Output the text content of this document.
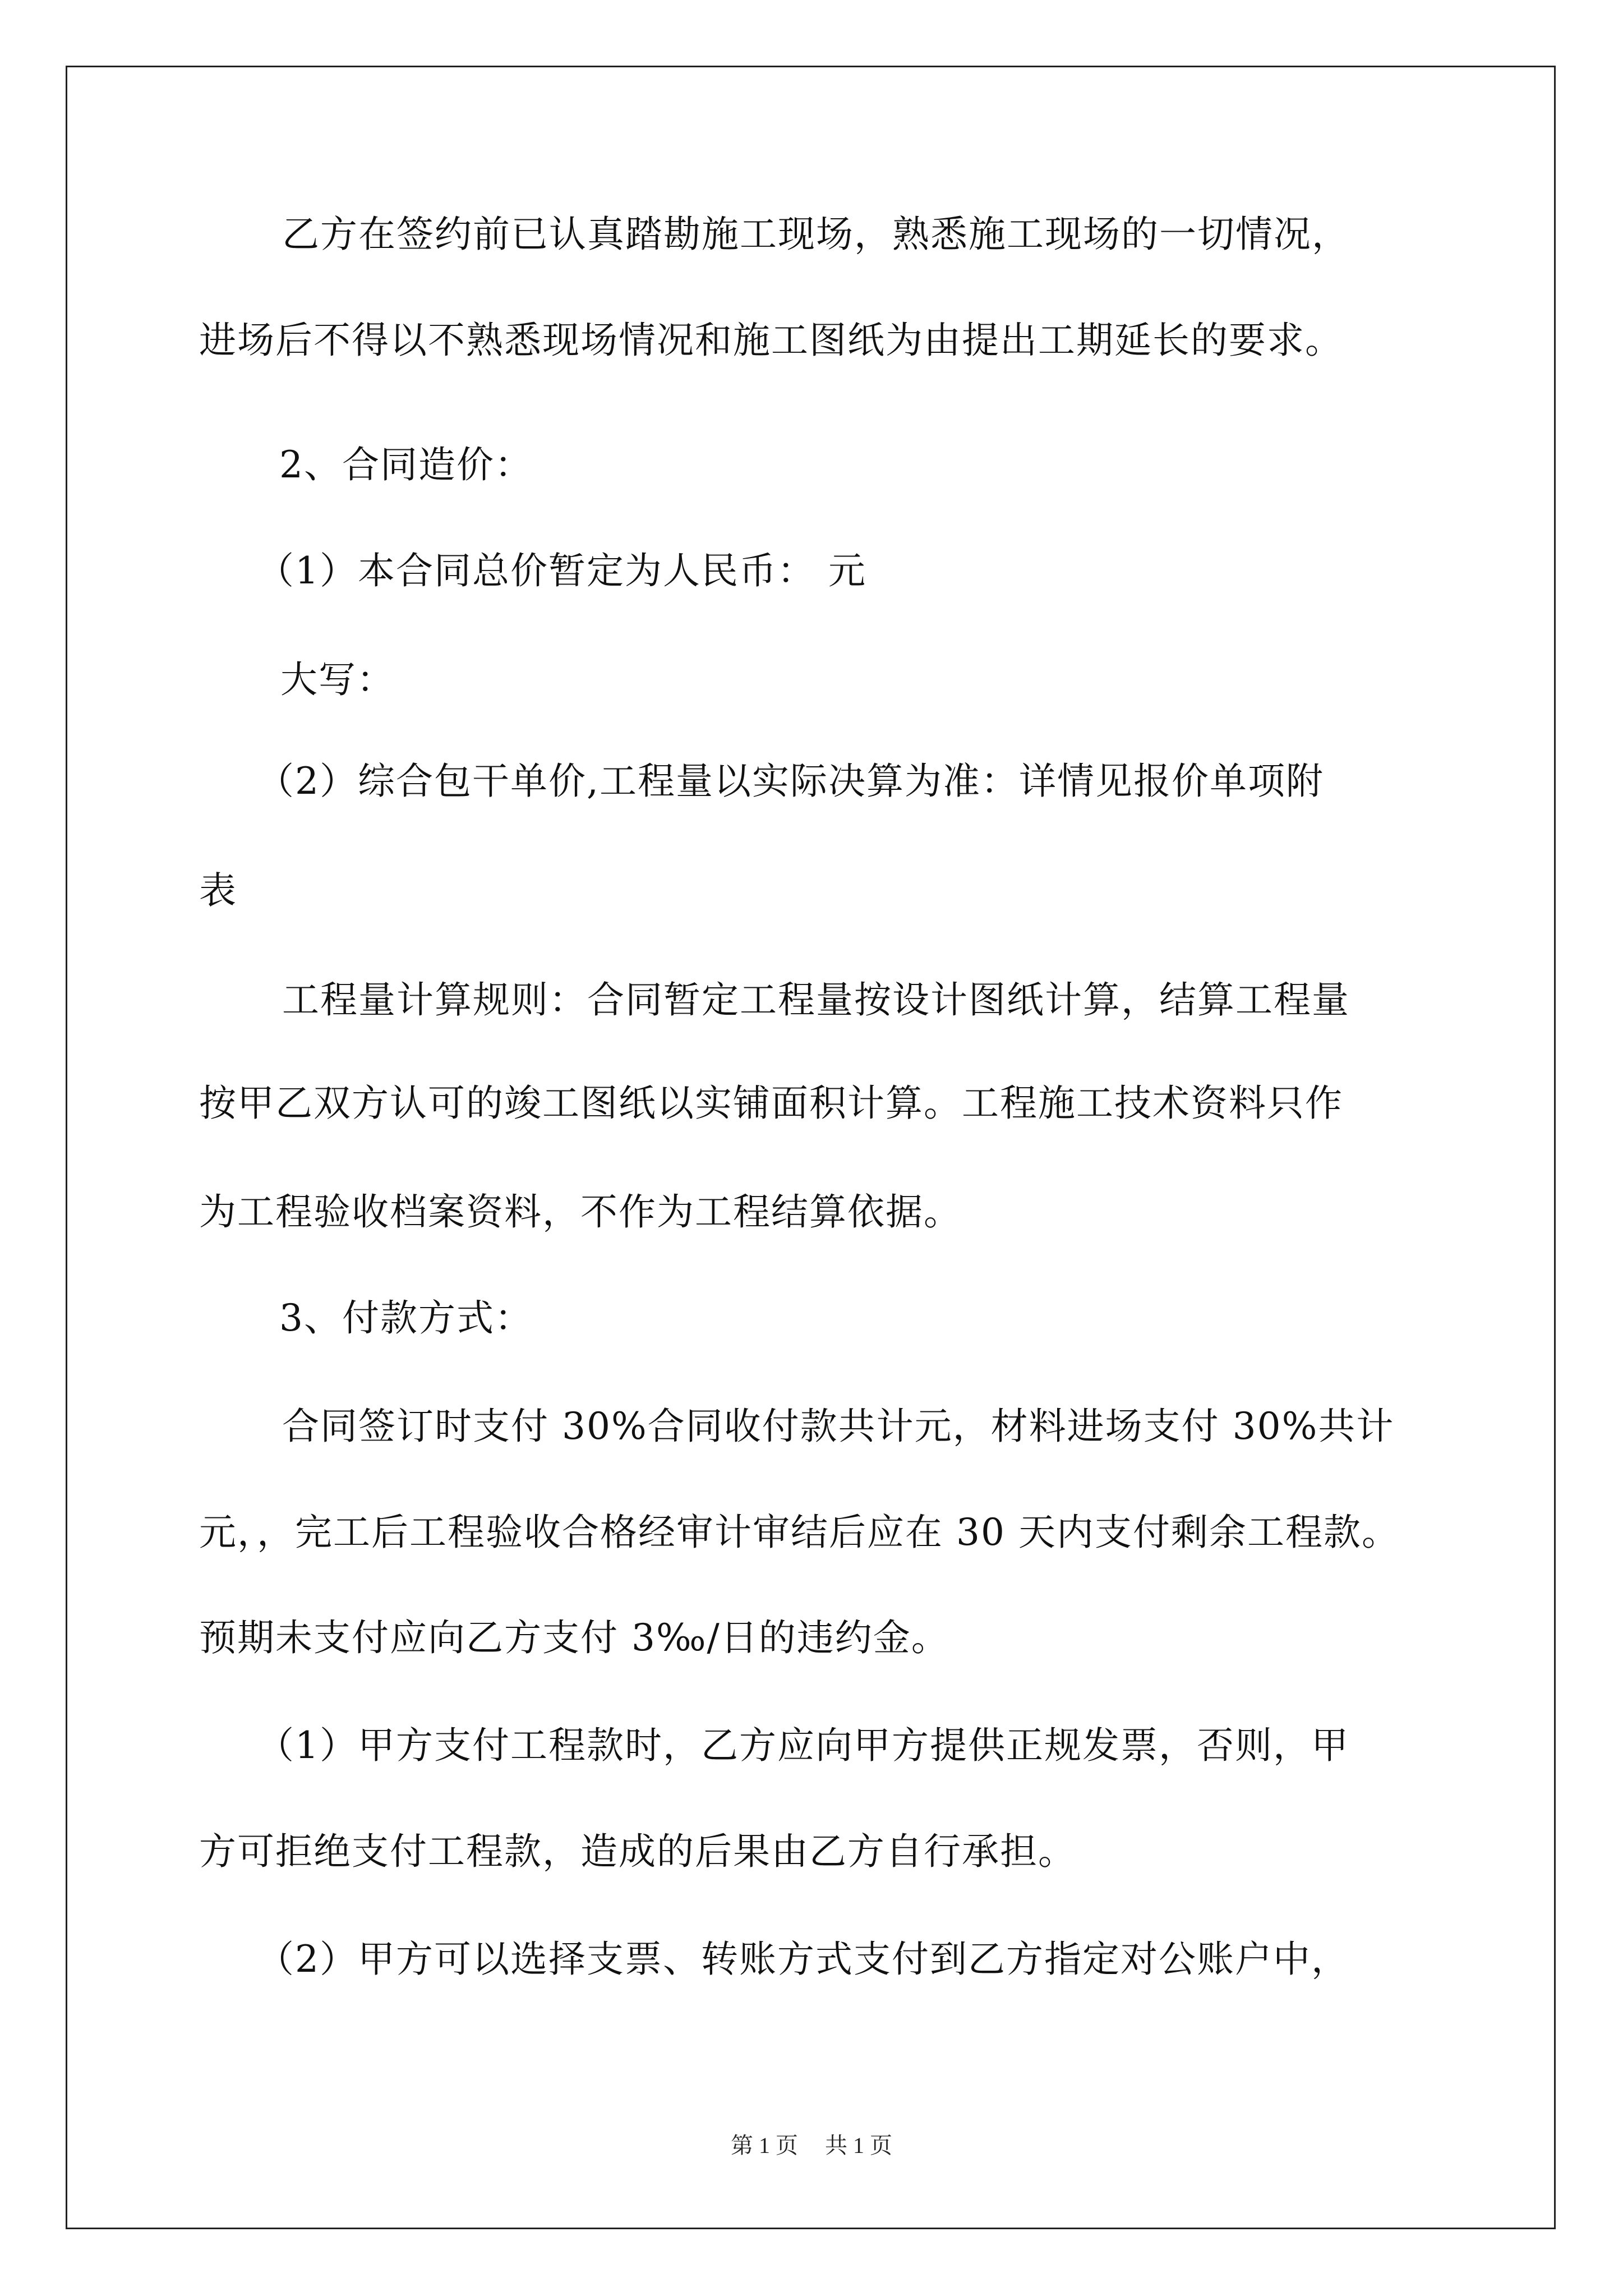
乙方在签约前已认真踏勘施工现场，熟悉施工现场的一切情况，
进场后不得以不熟悉现场情况和施工图纸为由提出工期延长的要求。
2、合同造价：
（1）本合同总价暂定为人民币： 元
大写：
（2）综合包干单价,工程量以实际决算为准：详情见报价单项附
表
工程量计算规则：合同暂定工程量按设计图纸计算，结算工程量
按甲乙双方认可的竣工图纸以实铺面积计算。工程施工技术资料只作
为工程验收档案资料，不作为工程结算依据。
3、付款方式：
合同签订时支付 30%合同收付款共计元，材料进场支付 30%共计
元，，完工后工程验收合格经审计审结后应在 30 天内支付剩余工程款。
预期未支付应向乙方支付 3‰/日的违约金。
（1）甲方支付工程款时，乙方应向甲方提供正规发票，否则，甲
方可拒绝支付工程款，造成的后果由乙方自行承担。
（2）甲方可以选择支票、转账方式支付到乙方指定对公账户中，
第 1 页 共 1 页
